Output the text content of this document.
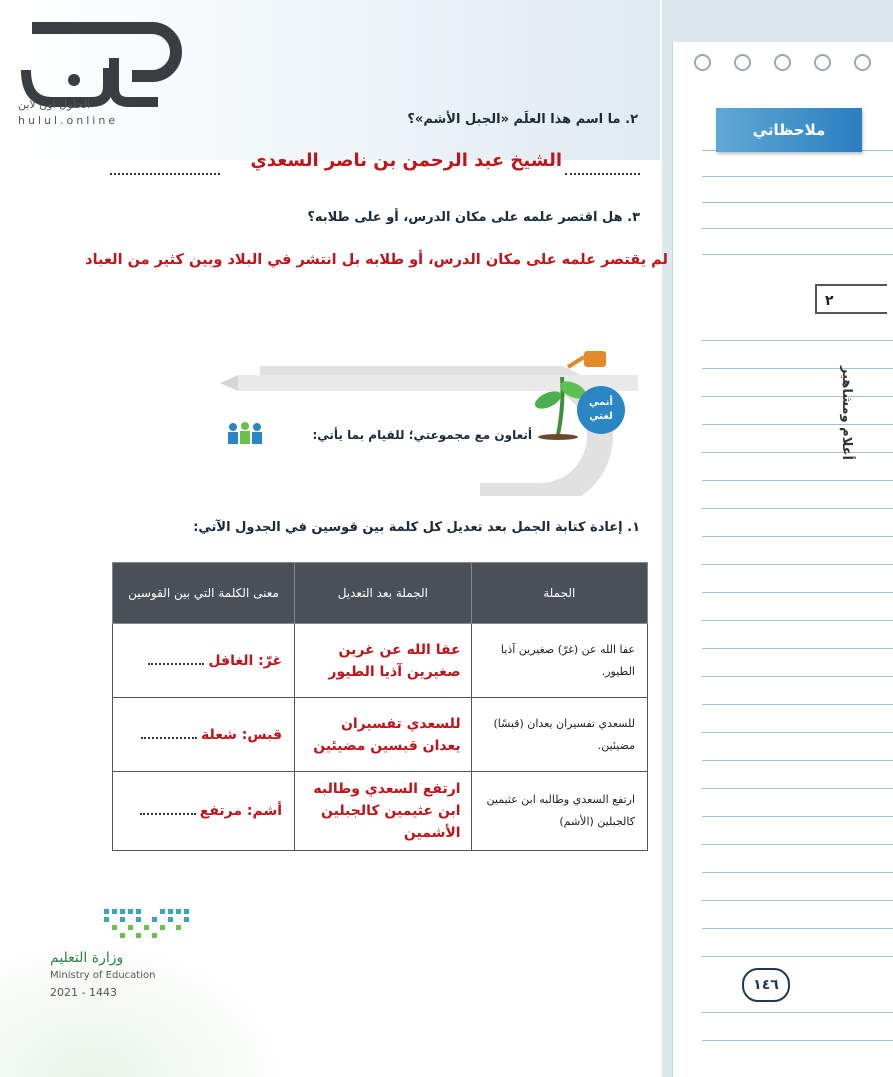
ملاحظاتي
٢
أعلام ومشاهير
الحلول اون لاين
hulul.online	٢. ما اسم هذا العلَم «الجبل الأشم»؟
الشيخ عبد الرحمن بن ناصر السعدي
٣. هل اقتصر علمه على مكان الدرس، أو على طلابه؟
لم يقتصر علمه على مكان الدرس، أو طلابه بل انتشر في البلاد وبين كثير من العباد
أنمي
لغتي
أتعاون مع مجموعتي؛ للقيام بما يأتي:
١. إعادة كتابة الجمل بعد تعديل كل كلمة بين قوسين في الجدول الآتي:
الجملة	الجملة بعد التعديل	معنى الكلمة التي بين القوسين
عفا الله عن (غرّ) صغيرين آذيا الطيور.	عفا الله عن غرين صغيرين آذيا الطيور	غرّ: الغافل
للسعدي تفسيران يعدان (قبسًا) مضيئين.	للسعدي تفسيران يعدان قبسين مضيئين	قبس: شعلة
ارتفع السعدي وطالبه ابن عثيمين كالجبلين (الأشم)	ارتفع السعدي وطالبه ابن عثيمين كالجبلين الأشمين	أشم: مرتفع
وزارة التعليم
Ministry of Education
2021 - 1443	١٤٦
